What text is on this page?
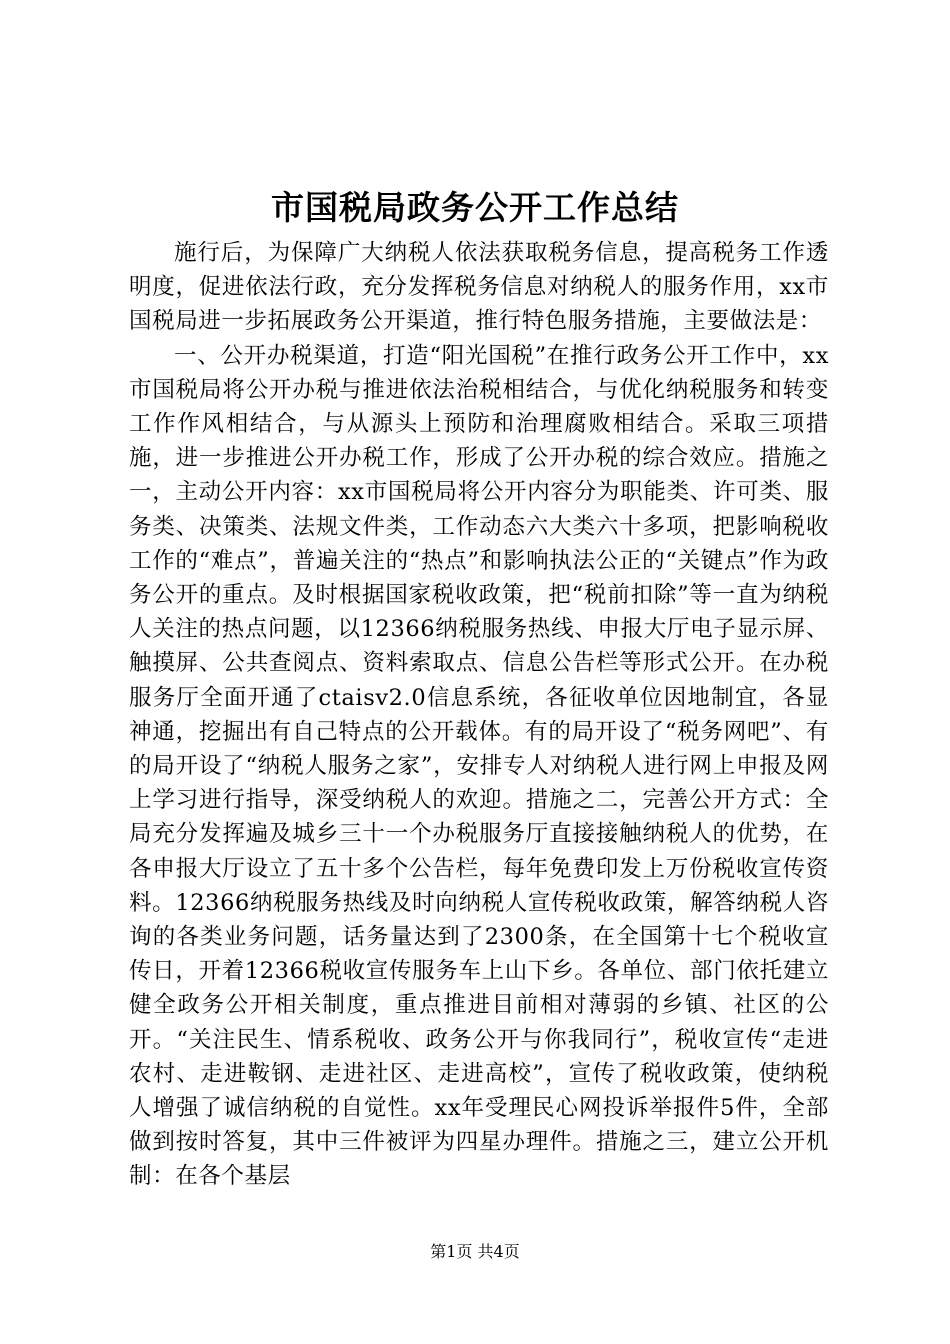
市国税局政务公开工作总结

施行后，为保障广大纳税人依法获取税务信息，提高税务工作透明度，促进依法行政，充分发挥税务信息对纳税人的服务作用，xx市国税局进一步拓展政务公开渠道，推行特色服务措施，主要做法是：

一、公开办税渠道，打造“阳光国税”在推行政务公开工作中，xx市国税局将公开办税与推进依法治税相结合，与优化纳税服务和转变工作作风相结合，与从源头上预防和治理腐败相结合。采取三项措施，进一步推进公开办税工作，形成了公开办税的综合效应。措施之一，主动公开内容：xx市国税局将公开内容分为职能类、许可类、服务类、决策类、法规文件类，工作动态六大类六十多项，把影响税收工作的“难点”，普遍关注的“热点”和影响执法公正的“关键点”作为政务公开的重点。及时根据国家税收政策，把“税前扣除”等一直为纳税人关注的热点问题，以12366纳税服务热线、申报大厅电子显示屏、触摸屏、公共查阅点、资料索取点、信息公告栏等形式公开。在办税服务厅全面开通了ctaisv2.0信息系统，各征收单位因地制宜，各显神通，挖掘出有自己特点的公开载体。有的局开设了“税务网吧”、有的局开设了“纳税人服务之家”，安排专人对纳税人进行网上申报及网上学习进行指导，深受纳税人的欢迎。措施之二，完善公开方式：全局充分发挥遍及城乡三十一个办税服务厅直接接触纳税人的优势，在各申报大厅设立了五十多个公告栏，每年免费印发上万份税收宣传资料。12366纳税服务热线及时向纳税人宣传税收政策，解答纳税人咨询的各类业务问题，话务量达到了2300条，在全国第十七个税收宣传日，开着12366税收宣传服务车上山下乡。各单位、部门依托建立健全政务公开相关制度，重点推进目前相对薄弱的乡镇、社区的公开。“关注民生、情系税收、政务公开与你我同行”，税收宣传“走进农村、走进鞍钢、走进社区、走进高校”，宣传了税收政策，使纳税人增强了诚信纳税的自觉性。xx年受理民心网投诉举报件5件，全部做到按时答复，其中三件被评为四星办理件。措施之三，建立公开机制：在各个基层

第1页 共4页
